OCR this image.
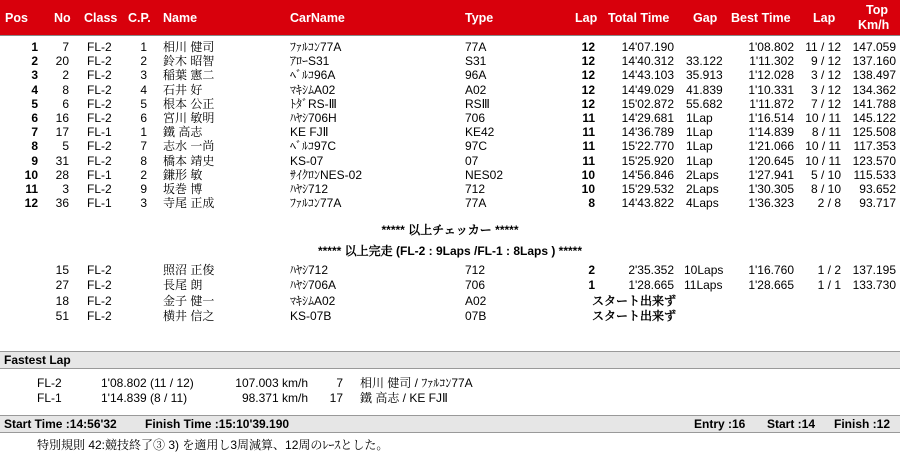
Pos No Class C.P. Name	CarName	Type	Lap Total Time Gap Best Time Lap
Top
Km/h
1	7 FL-2	1 相川 健司	ﾌｧﾙｺﾝ77A	77A	12	14'07.190	1'08.802 11 / 12 147.059
2	20 FL-2	2 鈴木 昭智	ｱﾛｰS31	S31	12	14'40.312 33.122	1'11.302	9 / 12 137.160
3	2 FL-2	3 稲葉 憲二	ﾍﾞﾙｺ96A	96A	12	14'43.103 35.913	1'12.028	3 / 12 138.497
4	8 FL-2	4 石井 好	ﾏｷｼﾑA02	A02	12	14'49.029 41.839	1'10.331	3 / 12 134.362
5	6 FL-2	5 根本 公正	ﾄﾀﾞRS-Ⅲ	RSⅢ	12	15'02.872 55.682	1'11.872	7 / 12 141.788
6	16 FL-2	6 宮川 敏明	ﾊﾔｼ706H	706	11	14'29.681 1Lap	1'16.514 10 / 11 145.122
7	17 FL-1	1 鐵 高志	KE FJⅡ	KE42	11	14'36.789 1Lap	1'14.839	8 / 11 125.508
8	5 FL-2	7 志水 一尚	ﾍﾞﾙｺ97C	97C	11	15'22.770 1Lap	1'21.066 10 / 11	117.353
9	31 FL-2	8 橋本 靖史	KS-07	07	11	15'25.920 1Lap	1'20.645 10 / 11 123.570
10	28 FL-1	2 鎌形 敏	ｻｲｸﾛﾝNES-02	NES02	10	14'56.846 2Laps	1'27.941	5 / 10	115.533
11	3 FL-2	9 坂巻 博	ﾊﾔｼ712	712	10	15'29.532 2Laps	1'30.305	8 / 10	93.652
12	36 FL-1	3 寺尾 正成	ﾌｧﾙｺﾝ77A	77A	8	14'43.822 4Laps	1'36.323	2 / 8	93.717
***** 以上チェッカー *****
***** 以上完走 (FL-2 : 9Laps /FL-1 : 8Laps ) *****
15 FL-2	照沼 正俊	ﾊﾔｼ712	712	2	2'35.352 10Laps	1'16.760	1 / 2 137.195
27 FL-2	長尾 朗	ﾊﾔｼ706A	706	1	1'28.665 11Laps	1'28.665	1 / 1 133.730
18 FL-2	金子 健一	ﾏｷｼﾑA02	A02	スタート出来ず
51 FL-2	横井 信之	KS-07B	07B	スタート出来ず
Fastest Lap
FL-2	1'08.802 (11 / 12)	107.003 km/h	7 相川 健司 / ﾌｧﾙｺﾝ77A
FL-1	1'14.839 (8 / 11)	98.371 km/h	17 鐵 高志 / KE FJⅡ
Start Time :14:56'32 Finish Time :15:10'39.190	Entry :16 Start :14 Finish :12
特別規則 42:競技終了③ 3) を適用し3周減算、12周のﾚｰｽとした。
